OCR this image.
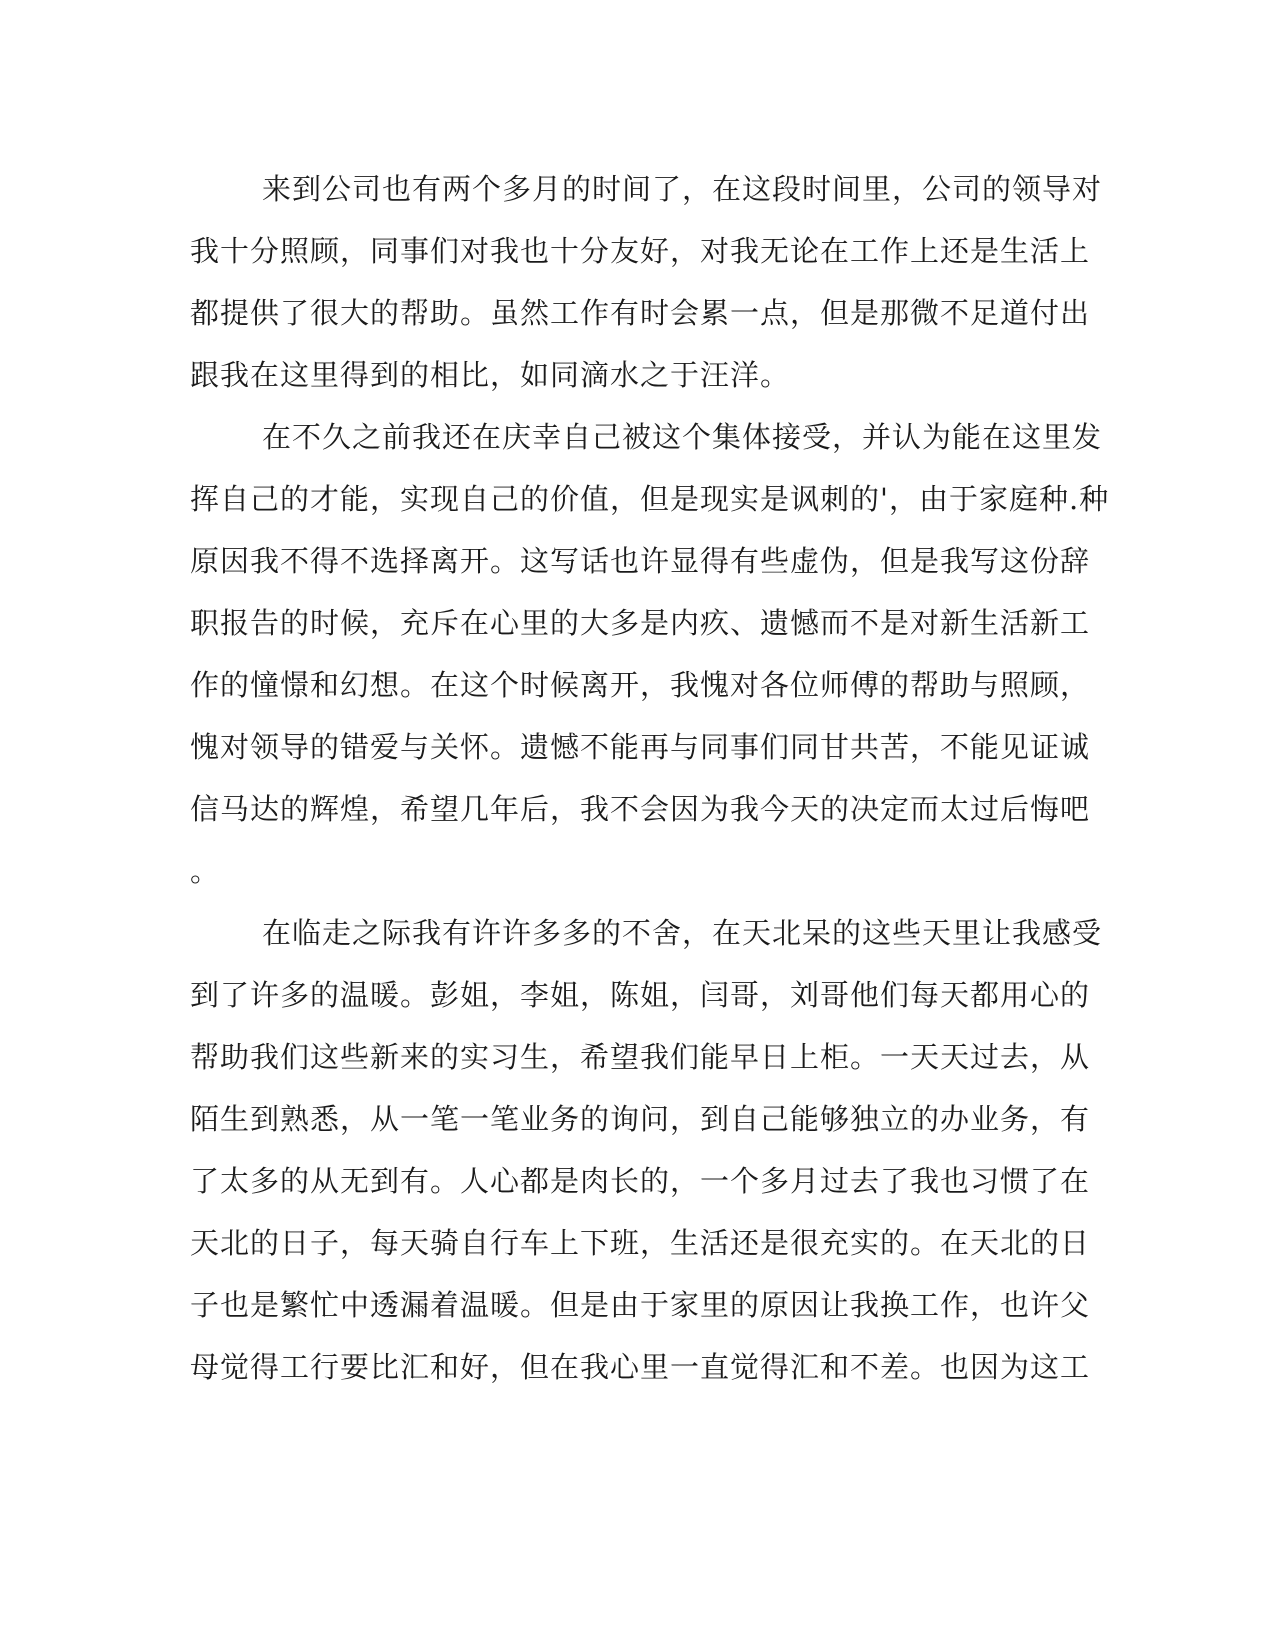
来到公司也有两个多月的时间了，在这段时间里，公司的领导对
我十分照顾，同事们对我也十分友好，对我无论在工作上还是生活上
都提供了很大的帮助。虽然工作有时会累一点，但是那微不足道付出
跟我在这里得到的相比，如同滴水之于汪洋。
在不久之前我还在庆幸自己被这个集体接受，并认为能在这里发
挥自己的才能，实现自己的价值，但是现实是讽刺的'，由于家庭种.种
原因我不得不选择离开。这写话也许显得有些虚伪，但是我写这份辞
职报告的时候，充斥在心里的大多是内疚、遗憾而不是对新生活新工
作的憧憬和幻想。在这个时候离开，我愧对各位师傅的帮助与照顾，
愧对领导的错爱与关怀。遗憾不能再与同事们同甘共苦，不能见证诚
信马达的辉煌，希望几年后，我不会因为我今天的决定而太过后悔吧
。
在临走之际我有许许多多的不舍，在天北呆的这些天里让我感受
到了许多的温暖。彭姐，李姐，陈姐，闫哥，刘哥他们每天都用心的
帮助我们这些新来的实习生，希望我们能早日上柜。一天天过去，从
陌生到熟悉，从一笔一笔业务的询问，到自己能够独立的办业务，有
了太多的从无到有。人心都是肉长的，一个多月过去了我也习惯了在
天北的日子，每天骑自行车上下班，生活还是很充实的。在天北的日
子也是繁忙中透漏着温暖。但是由于家里的原因让我换工作，也许父
母觉得工行要比汇和好，但在我心里一直觉得汇和不差。也因为这工
